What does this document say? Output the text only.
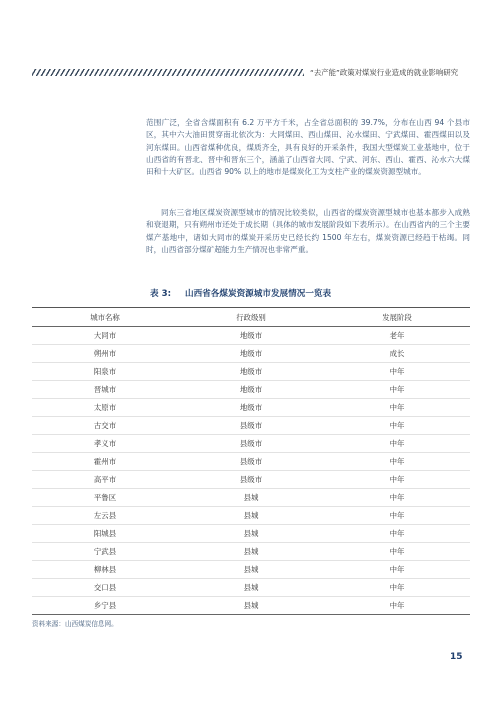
“去产能”政策对煤炭行业造成的就业影响研究

范围广泛，全省含煤面积有 6.2 万平方千米，占全省总面积的 39.7%，分布在山西 94 个县市区，其中六大油田贯穿南北依次为：大同煤田、西山煤田、沁水煤田、宁武煤田、霍西煤田以及河东煤田。山西省煤种优良，煤质齐全，具有良好的开采条件，我国大型煤炭工业基地中，位于山西省的有晋北、晋中和晋东三个，涵盖了山西省大同、宁武、河东、西山、霍西、沁水六大煤田和十大矿区。山西省 90% 以上的地市是煤炭化工为支柱产业的煤炭资源型城市。

同东三省地区煤炭资源型城市的情况比较类似，山西省的煤炭资源型城市也基本都步入成熟和衰退期，只有朔州市还处于成长期（具体的城市发展阶段如下表所示）。在山西省内的三个主要煤产基地中，诸如大同市的煤炭开采历史已经长约 1500 年左右，煤炭资源已经趋于枯竭。同时，山西省部分煤矿超能力生产情况也非常严重。

表 3: 山西省各煤炭资源城市发展情况一览表
城市名称	行政级别	发展阶段
大同市	地级市	老年
朔州市	地级市	成长
阳泉市	地级市	中年
晋城市	地级市	中年
太原市	地级市	中年
古交市	县级市	中年
孝义市	县级市	中年
霍州市	县级市	中年
高平市	县级市	中年
平鲁区	县城	中年
左云县	县城	中年
阳城县	县城	中年
宁武县	县城	中年
柳林县	县城	中年
交口县	县城	中年
乡宁县	县城	中年
资料来源：山西煤炭信息网。
15
